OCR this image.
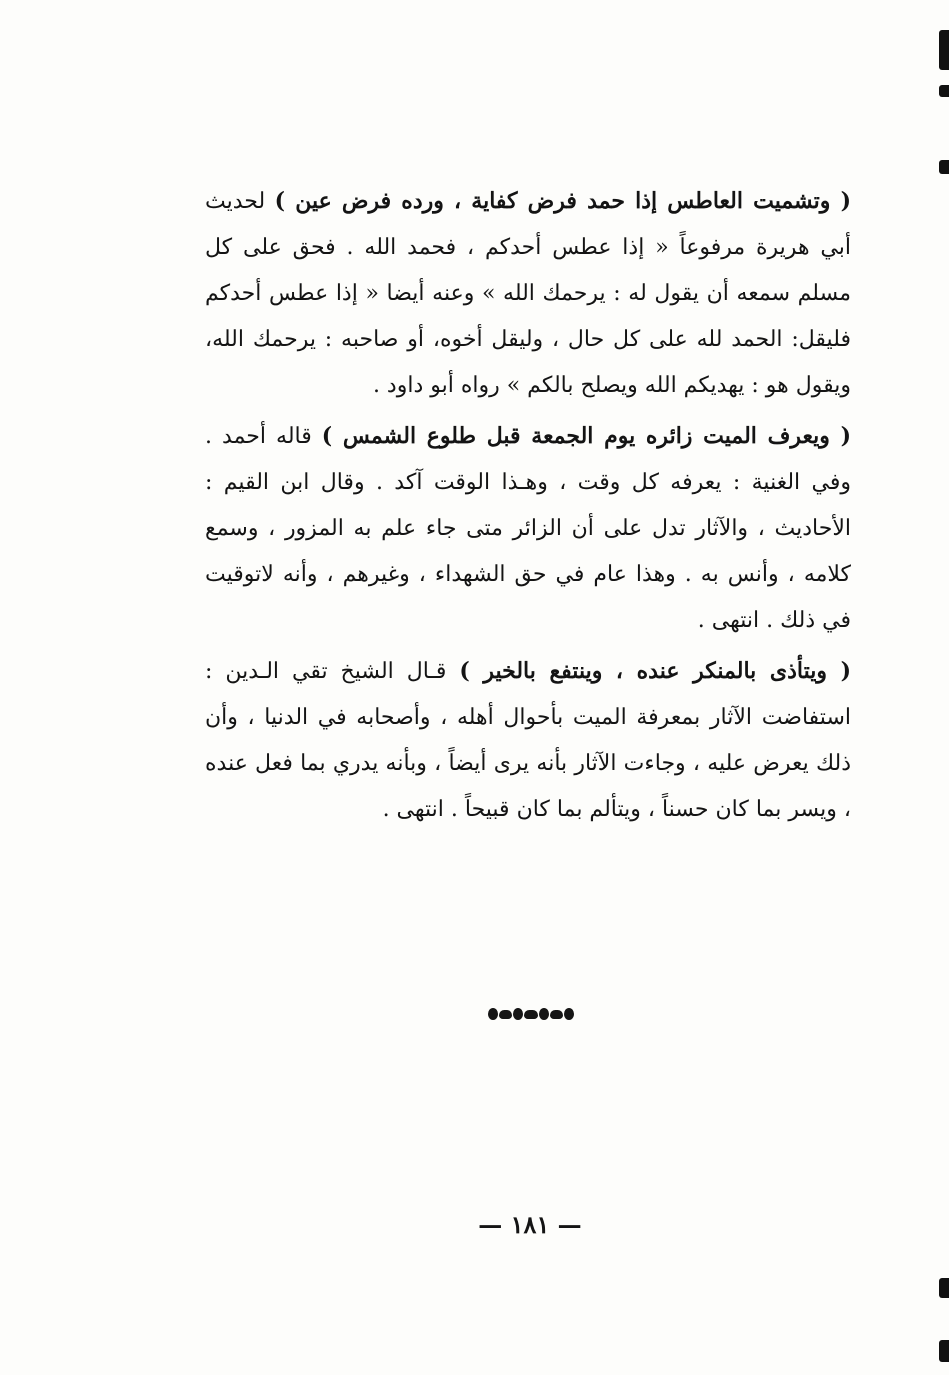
( وتشميت العاطس إذا حمد فرض كفاية ، ورده فرض عين ) لحديث أبي هريرة مرفوعاً « إذا عطس أحدكم ، فحمد الله . فحق على كل مسلم سمعه أن يقول له : يرحمك الله » وعنه أيضا « إذا عطس أحدكم فليقل: الحمد لله على كل حال ، وليقل أخوه، أو صاحبه : يرحمك الله، ويقول هو : يهديكم الله ويصلح بالكم » رواه أبو داود .

( ويعرف الميت زائره يوم الجمعة قبل طلوع الشمس ) قاله أحمد . وفي الغنية : يعرفه كل وقت ، وهـذا الوقت آكد . وقال ابن القيم : الأحاديث ، والآثار تدل على أن الزائر متى جاء علم به المزور ، وسمع كلامه ، وأنس به . وهذا عام في حق الشهداء ، وغيرهم ، وأنه لاتوقيت في ذلك . انتهى .

( ويتأذى بالمنكر عنده ، وينتفع بالخير ) قـال الشيخ تقي الـدين : استفاضت الآثار بمعرفة الميت بأحوال أهله ، وأصحابه في الدنيا ، وأن ذلك يعرض عليه ، وجاءت الآثار بأنه يرى أيضاً ، وبأنه يدري بما فعل عنده ، ويسر بما كان حسناً ، ويتألم بما كان قبيحاً . انتهى .

— ١٨١ —
